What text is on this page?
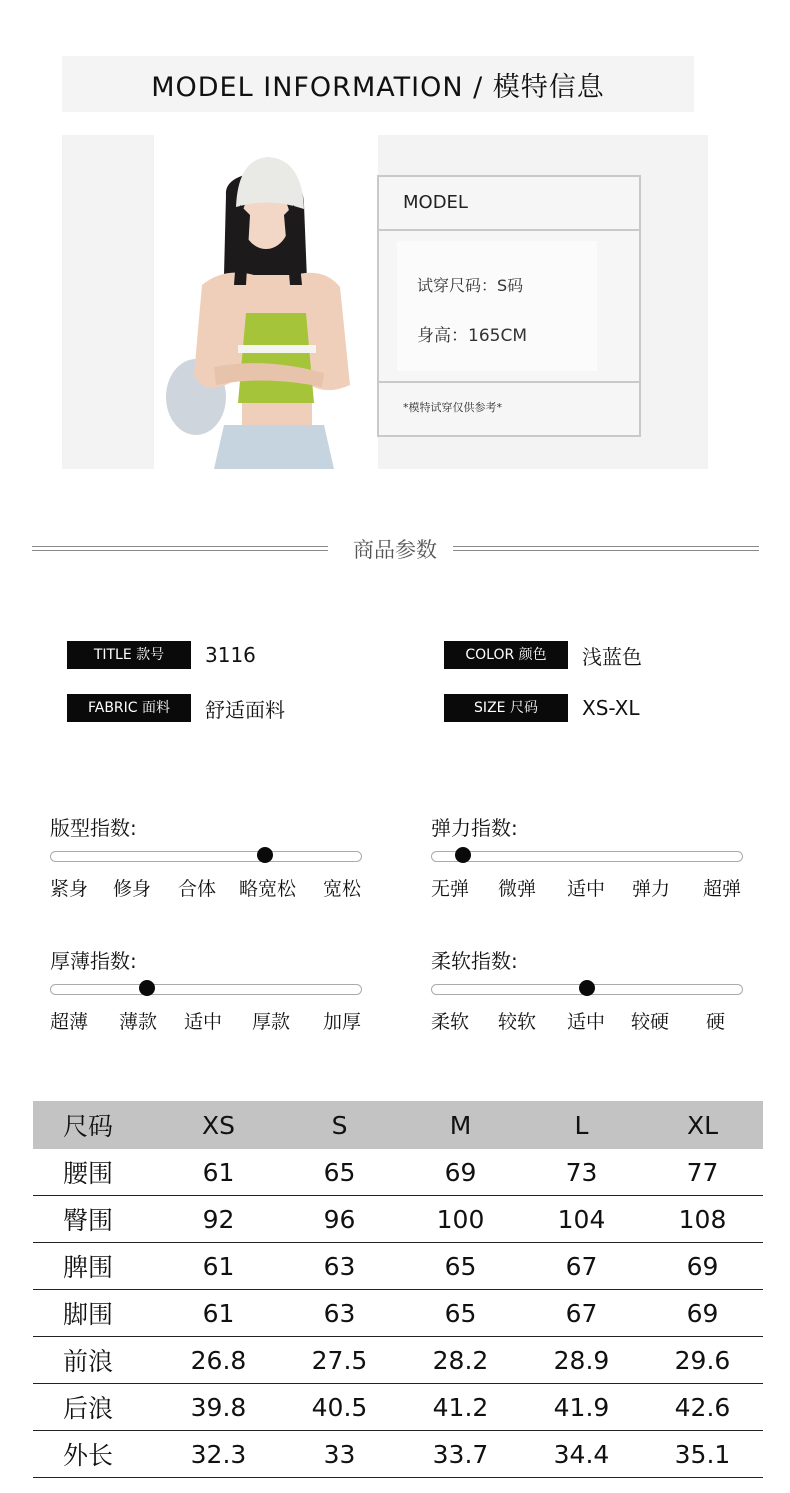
MODEL INFORMATION / 模特信息
MODEL
试穿尺码：S码
身高：165CM
*模特试穿仅供参考*
商品参数
TITLE 款号	3116	COLOR 颜色	浅蓝色
FABRIC 面料	舒适面料	SIZE 尺码	XS-XL
版型指数:
紧身 修身 合体 略宽松 宽松
弹力指数:
无弹 微弹 适中 弹力 超弹
厚薄指数:
超薄 薄款 适中 厚款 加厚
柔软指数:
柔软 较软 适中 较硬 硬
尺码	XS	S	M	L	XL
腰围	61	65	69	73	77
臀围	92	96	100	104	108
脾围	61	63	65	67	69
脚围	61	63	65	67	69
前浪	26.8	27.5	28.2	28.9	29.6
后浪	39.8	40.5	41.2	41.9	42.6
外长	32.3	33	33.7	34.4	35.1
